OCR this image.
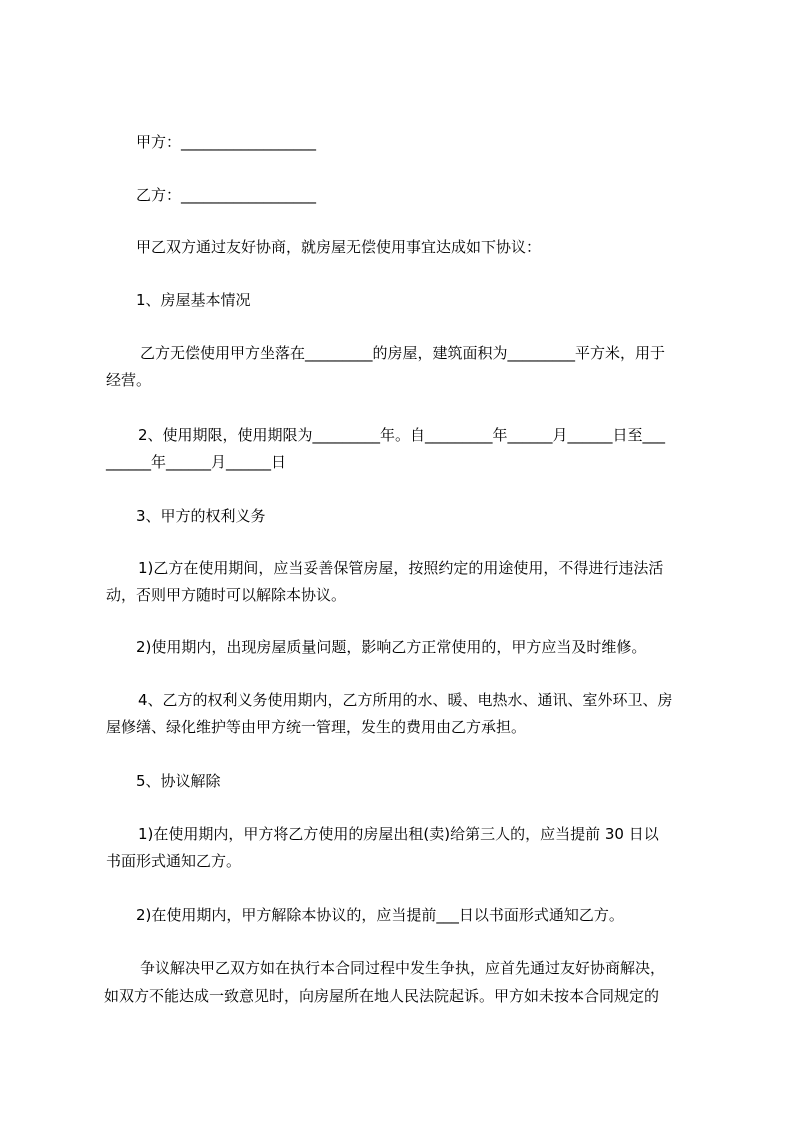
甲方：__________________

乙方：__________________

甲乙双方通过友好协商，就房屋无偿使用事宜达成如下协议：

1、房屋基本情况

乙方无偿使用甲方坐落在_________的房屋，建筑面积为_________平方米，用于

经营。

2、使用期限，使用期限为_________年。自_________年______月______日至___

______年______月______日

3、甲方的权利义务

1)乙方在使用期间，应当妥善保管房屋，按照约定的用途使用，不得进行违法活

动，否则甲方随时可以解除本协议。

2)使用期内，出现房屋质量问题，影响乙方正常使用的，甲方应当及时维修。

4、乙方的权利义务使用期内，乙方所用的水、暖、电热水、通讯、室外环卫、房

屋修缮、绿化维护等由甲方统一管理，发生的费用由乙方承担。

5、协议解除

1)在使用期内，甲方将乙方使用的房屋出租(卖)给第三人的，应当提前 30 日以

书面形式通知乙方。

2)在使用期内，甲方解除本协议的，应当提前___日以书面形式通知乙方。

争议解决甲乙双方如在执行本合同过程中发生争执，应首先通过友好协商解决，

如双方不能达成一致意见时，向房屋所在地人民法院起诉。甲方如未按本合同规定的
